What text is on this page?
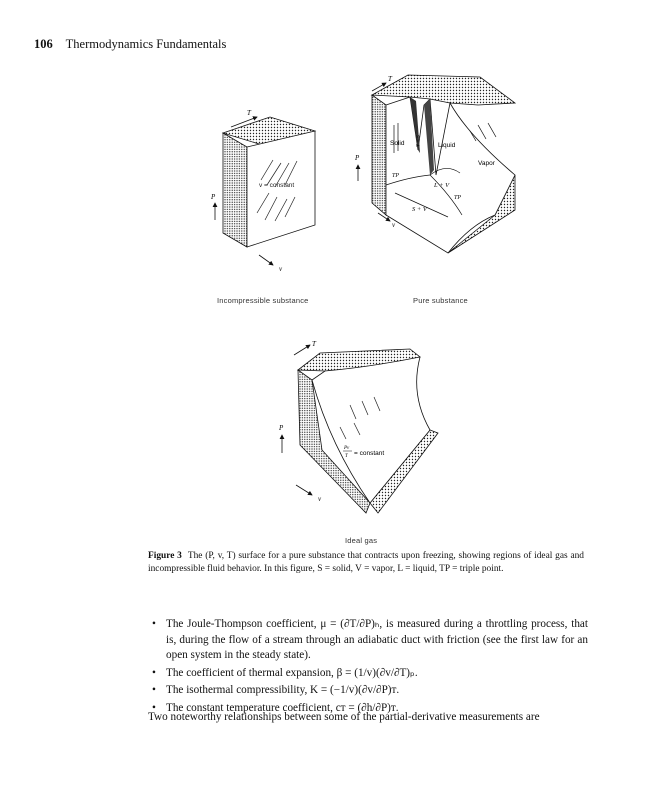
106 Thermodynamics Fundamentals
v = constant
T
P
v
Incompressible substance
Solid	Liquid
Vapor
S + L
L + V
S + V
TP
TP
T
P
v
Pure substance
Pv
T = constant
T
P
v
Ideal gas
Figure 3 The (P, v, T) surface for a pure substance that contracts upon freezing, showing regions of ideal gas and incompressible fluid behavior. In this figure, S = solid, V = vapor, L = liquid, TP = triple point.
• The Joule-Thompson coefficient, μ = (∂T/∂P)ₕ, is measured during a throttling process, that is, during the flow of a stream through an adiabatic duct with friction (see the first law for an open system in the steady state).
• The coefficient of thermal expansion, β = (1/v)(∂v/∂T)ₚ.
• The isothermal compressibility, K = (−1/v)(∂v/∂P)ᴛ.
• The constant temperature coefficient, cᴛ = (∂h/∂P)ᴛ.
Two noteworthy relationships between some of the partial-derivative measurements are
